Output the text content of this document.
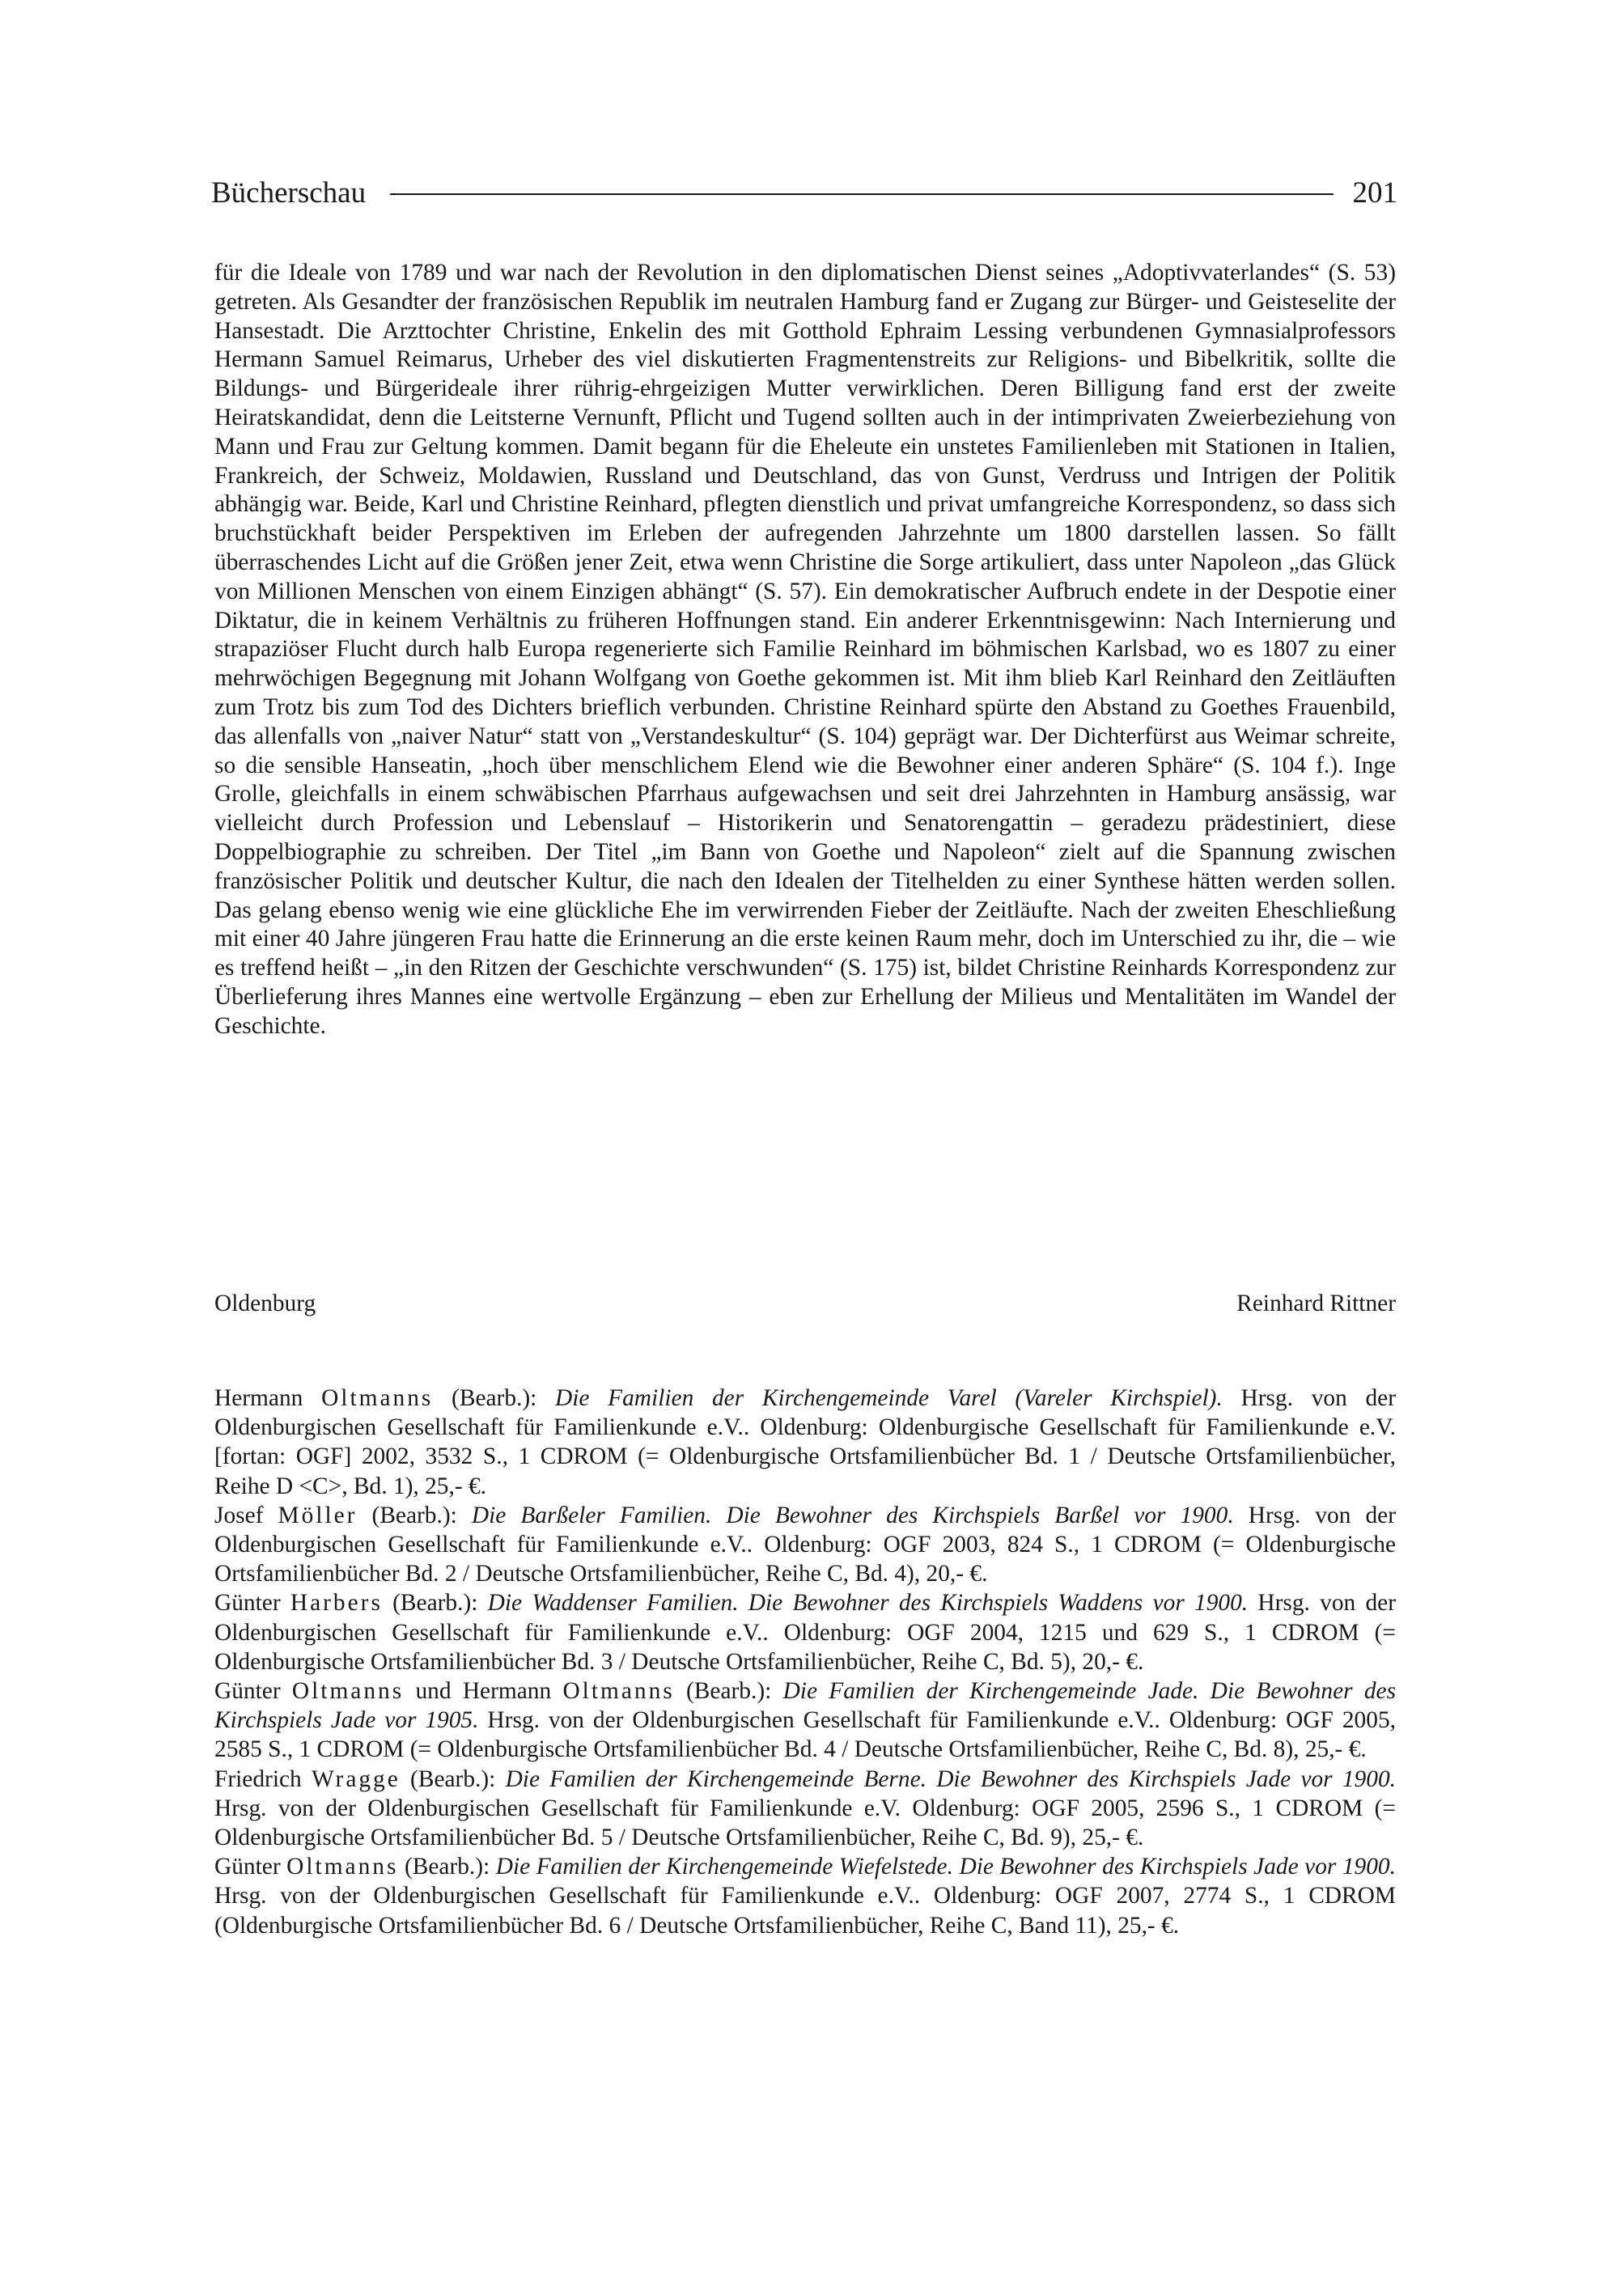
Bücherschau	201

für die Ideale von 1789 und war nach der Revolution in den diplomatischen Dienst seines „Adoptivvaterlandes“ (S. 53) getreten. Als Gesandter der französischen Republik im neutralen Hamburg fand er Zugang zur Bürger- und Geisteselite der Hansestadt. Die Arzttochter Christine, Enkelin des mit Gotthold Ephraim Lessing verbundenen Gymnasialprofessors Hermann Samuel Reimarus, Urheber des viel diskutierten Fragmentenstreits zur Religions- und Bibelkritik, sollte die Bildungs- und Bürgerideale ihrer rührig-ehrgeizigen Mutter verwirklichen. Deren Billigung fand erst der zweite Heiratskandidat, denn die Leitsterne Vernunft, Pflicht und Tugend sollten auch in der intimprivaten Zweierbeziehung von Mann und Frau zur Geltung kommen. Damit begann für die Eheleute ein unstetes Familienleben mit Stationen in Italien, Frankreich, der Schweiz, Moldawien, Russland und Deutschland, das von Gunst, Verdruss und Intrigen der Politik abhängig war. Beide, Karl und Christine Reinhard, pflegten dienstlich und privat umfangreiche Korrespondenz, so dass sich bruchstückhaft beider Perspektiven im Erleben der aufregenden Jahrzehnte um 1800 darstellen lassen. So fällt überraschendes Licht auf die Größen jener Zeit, etwa wenn Christine die Sorge artikuliert, dass unter Napoleon „das Glück von Millionen Menschen von einem Einzigen abhängt“ (S. 57). Ein demokratischer Aufbruch endete in der Despotie einer Diktatur, die in keinem Verhältnis zu früheren Hoffnungen stand. Ein anderer Erkenntnisgewinn: Nach Internierung und strapaziöser Flucht durch halb Europa regenerierte sich Familie Reinhard im böhmischen Karlsbad, wo es 1807 zu einer mehrwöchigen Begegnung mit Johann Wolfgang von Goethe gekommen ist. Mit ihm blieb Karl Reinhard den Zeitläuften zum Trotz bis zum Tod des Dichters brieflich verbunden. Christine Reinhard spürte den Abstand zu Goethes Frauenbild, das allenfalls von „naiver Natur“ statt von „Verstandeskultur“ (S. 104) geprägt war. Der Dichterfürst aus Weimar schreite, so die sensible Hanseatin, „hoch über menschlichem Elend wie die Bewohner einer anderen Sphäre“ (S. 104 f.). Inge Grolle, gleichfalls in einem schwäbischen Pfarrhaus aufgewachsen und seit drei Jahrzehnten in Hamburg ansässig, war vielleicht durch Profession und Lebenslauf – Historikerin und Senatorengattin – geradezu prädestiniert, diese Doppelbiographie zu schreiben. Der Titel „im Bann von Goethe und Napoleon“ zielt auf die Spannung zwischen französischer Politik und deutscher Kultur, die nach den Idealen der Titelhelden zu einer Synthese hätten werden sollen. Das gelang ebenso wenig wie eine glückliche Ehe im verwirrenden Fieber der Zeitläufte. Nach der zweiten Eheschließung mit einer 40 Jahre jüngeren Frau hatte die Erinnerung an die erste keinen Raum mehr, doch im Unterschied zu ihr, die – wie es treffend heißt – „in den Ritzen der Geschichte verschwunden“ (S. 175) ist, bildet Christine Reinhards Korrespondenz zur Überlieferung ihres Mannes eine wertvolle Ergänzung – eben zur Erhellung der Milieus und Mentalitäten im Wandel der Geschichte.

Oldenburg	Reinhard Rittner

Hermann Oltmanns (Bearb.): Die Familien der Kirchengemeinde Varel (Vareler Kirchspiel). Hrsg. von der Oldenburgischen Gesellschaft für Familienkunde e.V.. Oldenburg: Oldenburgische Gesellschaft für Familienkunde e.V. [fortan: OGF] 2002, 3532 S., 1 CDROM (= Oldenburgische Ortsfamilienbücher Bd. 1 / Deutsche Ortsfamilienbücher, Reihe D <C>, Bd. 1), 25,- €.

Josef Möller (Bearb.): Die Barßeler Familien. Die Bewohner des Kirchspiels Barßel vor 1900. Hrsg. von der Oldenburgischen Gesellschaft für Familienkunde e.V.. Oldenburg: OGF 2003, 824 S., 1 CDROM (= Oldenburgische Ortsfamilienbücher Bd. 2 / Deutsche Ortsfamilienbücher, Reihe C, Bd. 4), 20,- €.

Günter Harbers (Bearb.): Die Waddenser Familien. Die Bewohner des Kirchspiels Waddens vor 1900. Hrsg. von der Oldenburgischen Gesellschaft für Familienkunde e.V.. Oldenburg: OGF 2004, 1215 und 629 S., 1 CDROM (= Oldenburgische Ortsfamilienbücher Bd. 3 / Deutsche Ortsfamilienbücher, Reihe C, Bd. 5), 20,- €.

Günter Oltmanns und Hermann Oltmanns (Bearb.): Die Familien der Kirchengemeinde Jade. Die Bewohner des Kirchspiels Jade vor 1905. Hrsg. von der Oldenburgischen Gesellschaft für Familienkunde e.V.. Oldenburg: OGF 2005, 2585 S., 1 CDROM (= Oldenburgische Ortsfamilienbücher Bd. 4 / Deutsche Ortsfamilienbücher, Reihe C, Bd. 8), 25,- €.

Friedrich Wragge (Bearb.): Die Familien der Kirchengemeinde Berne. Die Bewohner des Kirchspiels Jade vor 1900. Hrsg. von der Oldenburgischen Gesellschaft für Familienkunde e.V. Oldenburg: OGF 2005, 2596 S., 1 CDROM (= Oldenburgische Ortsfamilienbücher Bd. 5 / Deutsche Ortsfamilienbücher, Reihe C, Bd. 9), 25,- €.

Günter Oltmanns (Bearb.): Die Familien der Kirchengemeinde Wiefelstede. Die Bewohner des Kirchspiels Jade vor 1900. Hrsg. von der Oldenburgischen Gesellschaft für Familienkunde e.V.. Oldenburg: OGF 2007, 2774 S., 1 CDROM (Oldenburgische Ortsfamilienbücher Bd. 6 / Deutsche Ortsfamilienbücher, Reihe C, Band 11), 25,- €.
